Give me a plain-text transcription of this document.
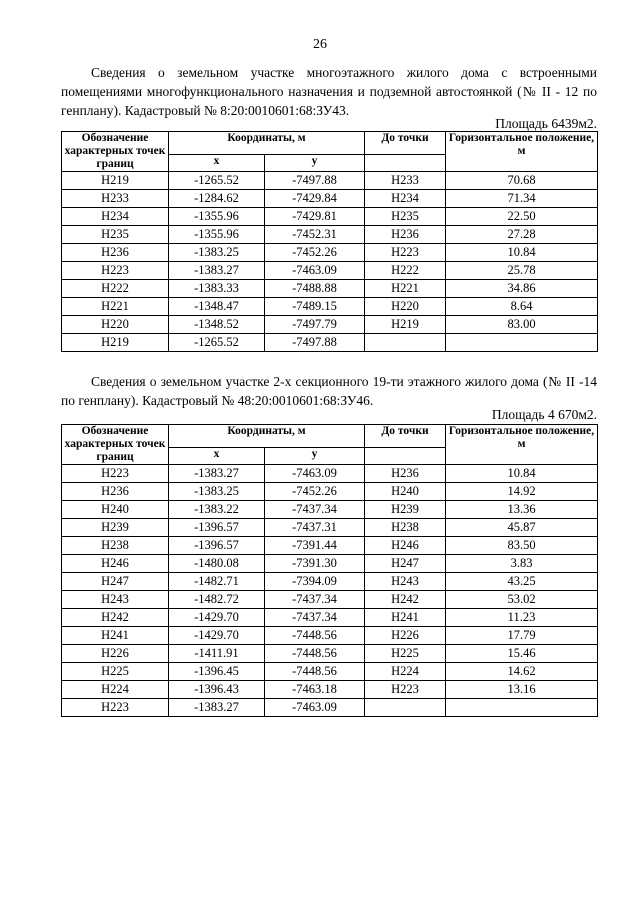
26
Сведения о земельном участке многоэтажного жилого дома с встроенными помещениями многофункционального назначения и подземной автостоянкой (№ II - 12 по генплану). Кадастровый № 8:20:0010601:68:ЗУ43.
Площадь 6439м2.
Обозначение характерных точек границ	Координаты, м		До точки	Горизонтальное положение, м
	x	y		
Н219	-1265.52	-7497.88	Н233	70.68
Н233	-1284.62	-7429.84	Н234	71.34
Н234	-1355.96	-7429.81	Н235	22.50
Н235	-1355.96	-7452.31	Н236	27.28
Н236	-1383.25	-7452.26	Н223	10.84
Н223	-1383.27	-7463.09	Н222	25.78
Н222	-1383.33	-7488.88	Н221	34.86
Н221	-1348.47	-7489.15	Н220	8.64
Н220	-1348.52	-7497.79	Н219	83.00
Н219	-1265.52	-7497.88		
Сведения о земельном участке 2-х секционного 19-ти этажного жилого дома (№ II -14 по генплану). Кадастровый № 48:20:0010601:68:ЗУ46.
Площадь 4 670м2.
Обозначение характерных точек границ	Координаты, м		До точки	Горизонтальное положение, м
	x	y		
Н223	-1383.27	-7463.09	Н236	10.84
Н236	-1383.25	-7452.26	Н240	14.92
Н240	-1383.22	-7437.34	Н239	13.36
Н239	-1396.57	-7437.31	Н238	45.87
Н238	-1396.57	-7391.44	Н246	83.50
Н246	-1480.08	-7391.30	Н247	3.83
Н247	-1482.71	-7394.09	Н243	43.25
Н243	-1482.72	-7437.34	Н242	53.02
Н242	-1429.70	-7437.34	Н241	11.23
Н241	-1429.70	-7448.56	Н226	17.79
Н226	-1411.91	-7448.56	Н225	15.46
Н225	-1396.45	-7448.56	Н224	14.62
Н224	-1396.43	-7463.18	Н223	13.16
Н223	-1383.27	-7463.09		
